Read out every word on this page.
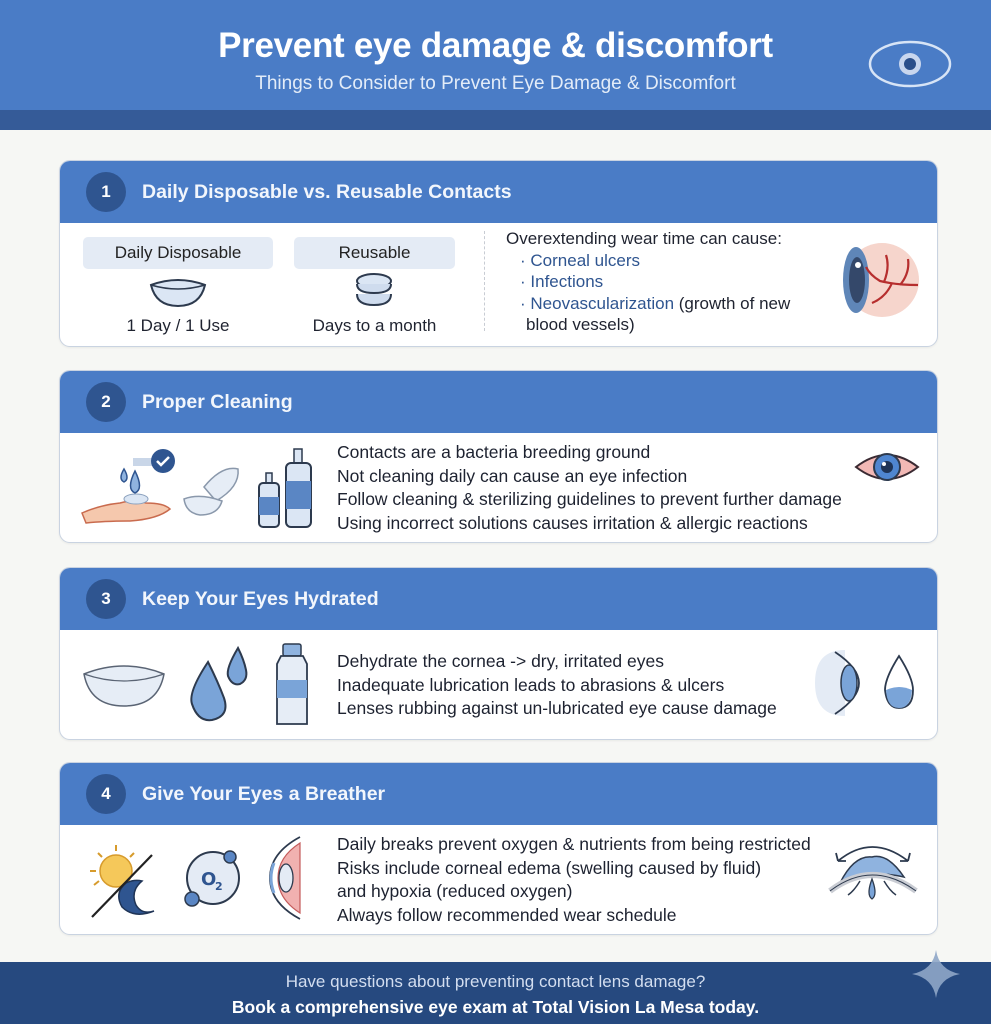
Prevent eye damage & discomfort
Things to Consider to Prevent Eye Damage & Discomfort
1	Daily Disposable vs. Reusable Contacts
Daily Disposable	Reusable
1 Day / 1 Use	Days to a month
Overextending wear time can cause:
· Corneal ulcers
· Infections
· Neovascularization (growth of new
blood vessels)
2	Proper Cleaning
Contacts are a bacteria breeding ground
Not cleaning daily can cause an eye infection
Follow cleaning & sterilizing guidelines to prevent further damage
Using incorrect solutions causes irritation & allergic reactions
3	Keep Your Eyes Hydrated
Dehydrate the cornea -> dry, irritated eyes
Inadequate lubrication leads to abrasions & ulcers
Lenses rubbing against un-lubricated eye cause damage
4	Give Your Eyes a Breather
O
2
Daily breaks prevent oxygen & nutrients from being restricted
Risks include corneal edema (swelling caused by fluid)
and hypoxia (reduced oxygen)
Always follow recommended wear schedule
Have questions about preventing contact lens damage?
Book a comprehensive eye exam at Total Vision La Mesa today.
